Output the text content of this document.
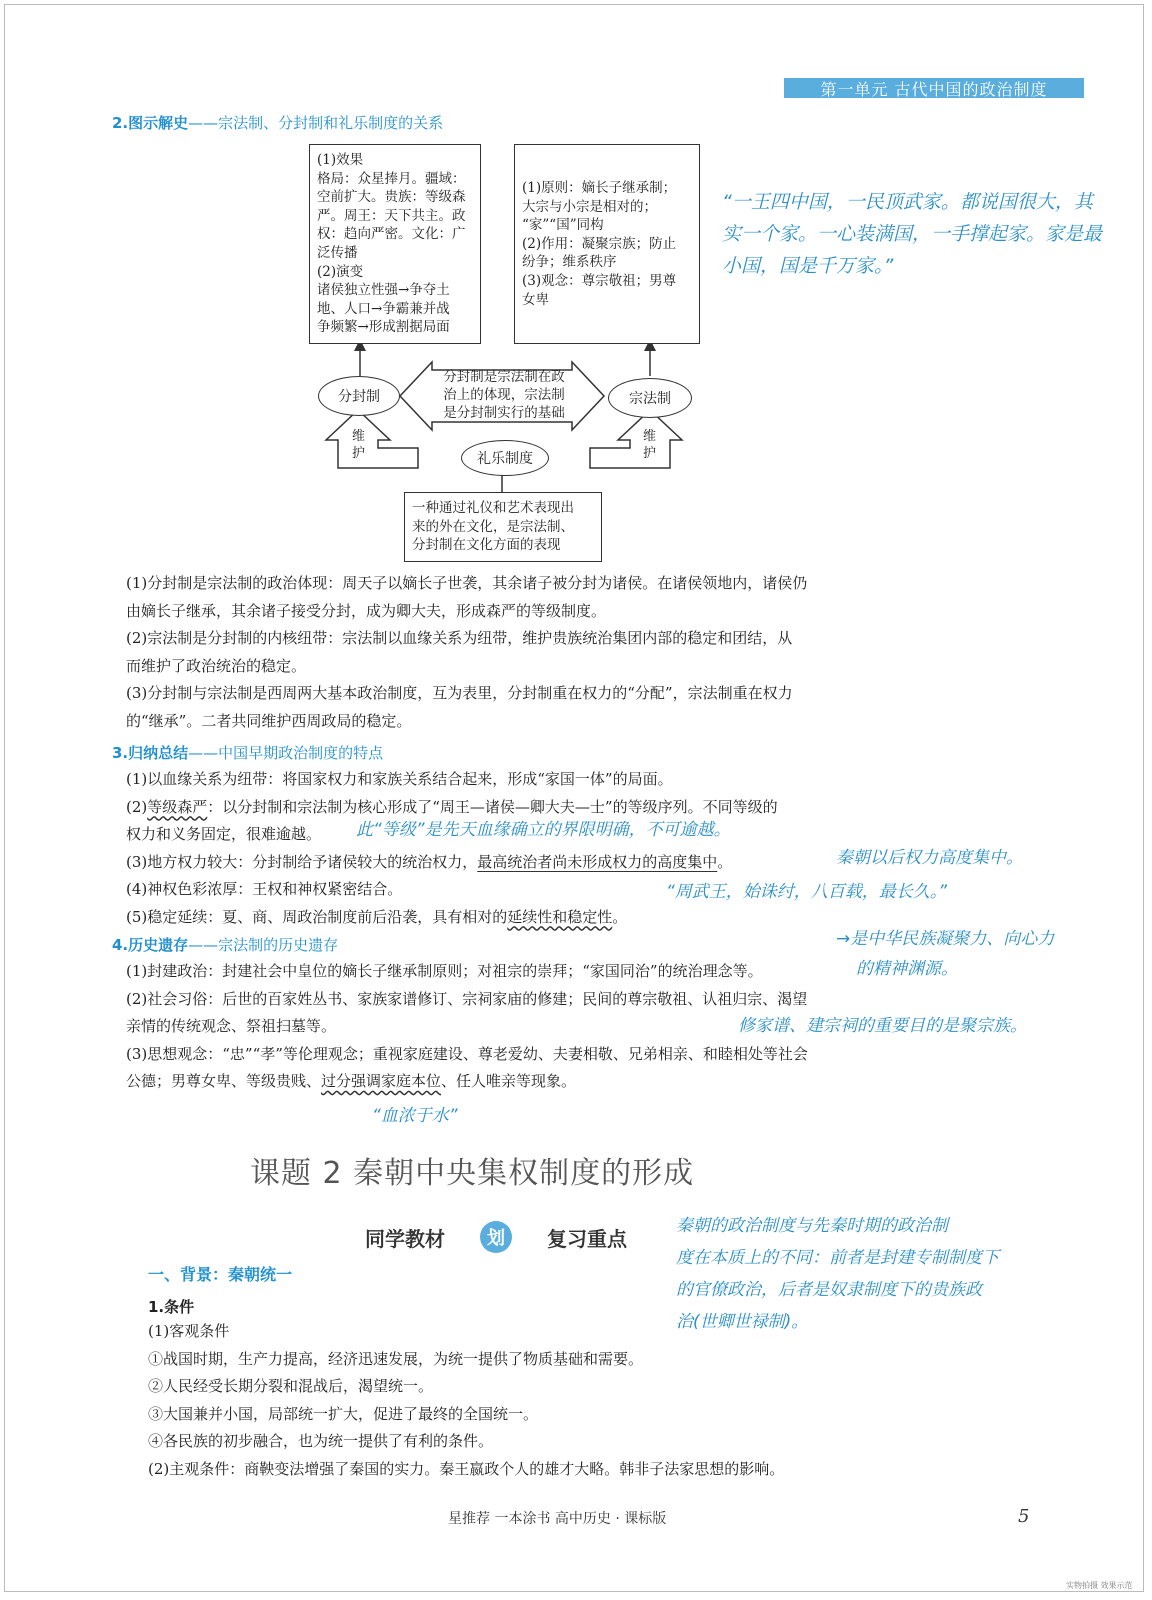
第一单元 古代中国的政治制度
2.图示解史——宗法制、分封制和礼乐制度的关系
(1)效果
格局：众星捧月。疆域：
空前扩大。贵族：等级森
严。周王：天下共主。政
权：趋向严密。文化：广
泛传播
(2)演变
诸侯独立性强→争夺土
地、人口→争霸兼并战
争频繁→形成割据局面
(1)原则：嫡长子继承制；
大宗与小宗是相对的；
“家”“国”同构
(2)作用：凝聚宗族；防止
纷争；维系秩序
(3)观念：尊宗敬祖；男尊
女卑
分封制	宗法制
礼乐制度
分封制是宗法制在政
治上的体现，宗法制
是分封制实行的基础
维
护
维
护
一种通过礼仪和艺术表现出
来的外在文化，是宗法制、
分封制在文化方面的表现
“一王四中国，一民顶武家。都说国很大，其
实一个家。一心装满国，一手撑起家。家是最
小国，国是千万家。”
(1)分封制是宗法制的政治体现：周天子以嫡长子世袭，其余诸子被分封为诸侯。在诸侯领地内，诸侯仍
由嫡长子继承，其余诸子接受分封，成为卿大夫，形成森严的等级制度。
(2)宗法制是分封制的内核纽带：宗法制以血缘关系为纽带，维护贵族统治集团内部的稳定和团结，从
而维护了政治统治的稳定。
(3)分封制与宗法制是西周两大基本政治制度，互为表里，分封制重在权力的“分配”，宗法制重在权力
的“继承”。二者共同维护西周政局的稳定。
3.归纳总结——中国早期政治制度的特点
(1)以血缘关系为纽带：将国家权力和家族关系结合起来，形成“家国一体”的局面。
(2)等级森严：以分封制和宗法制为核心形成了“周王—诸侯—卿大夫—士”的等级序列。不同等级的
权力和义务固定，很难逾越。
(3)地方权力较大：分封制给予诸侯较大的统治权力，最高统治者尚未形成权力的高度集中。
(4)神权色彩浓厚：王权和神权紧密结合。
(5)稳定延续：夏、商、周政治制度前后沿袭，具有相对的延续性和稳定性。
此“等级”是先天血缘确立的界限明确，不可逾越。
秦朝以后权力高度集中。
“周武王，始诛纣，八百载，最长久。”
4.历史遗存——宗法制的历史遗存
(1)封建政治：封建社会中皇位的嫡长子继承制原则；对祖宗的崇拜；“家国同治”的统治理念等。
(2)社会习俗：后世的百家姓丛书、家族家谱修订、宗祠家庙的修建；民间的尊宗敬祖、认祖归宗、渴望
亲情的传统观念、祭祖扫墓等。
(3)思想观念：“忠”“孝”等伦理观念；重视家庭建设、尊老爱幼、夫妻相敬、兄弟相亲、和睦相处等社会
公德；男尊女卑、等级贵贱、过分强调家庭本位、任人唯亲等现象。
→是中华民族凝聚力、向心力
的精神渊源。
修家谱、建宗祠的重要目的是聚宗族。
“血浓于水”
课题 2 秦朝中央集权制度的形成
同学教材	划	复习重点
秦朝的政治制度与先秦时期的政治制
度在本质上的不同：前者是封建专制制度下
的官僚政治，后者是奴隶制度下的贵族政
治(世卿世禄制)。
一、背景：秦朝统一
1.条件
(1)客观条件
①战国时期，生产力提高，经济迅速发展，为统一提供了物质基础和需要。
②人民经受长期分裂和混战后，渴望统一。
③大国兼并小国，局部统一扩大，促进了最终的全国统一。
④各民族的初步融合，也为统一提供了有利的条件。
(2)主观条件：商鞅变法增强了秦国的实力。秦王嬴政个人的雄才大略。韩非子法家思想的影响。
星推荐 一本涂书 高中历史 · 课标版	5
实物拍摄 效果示范
